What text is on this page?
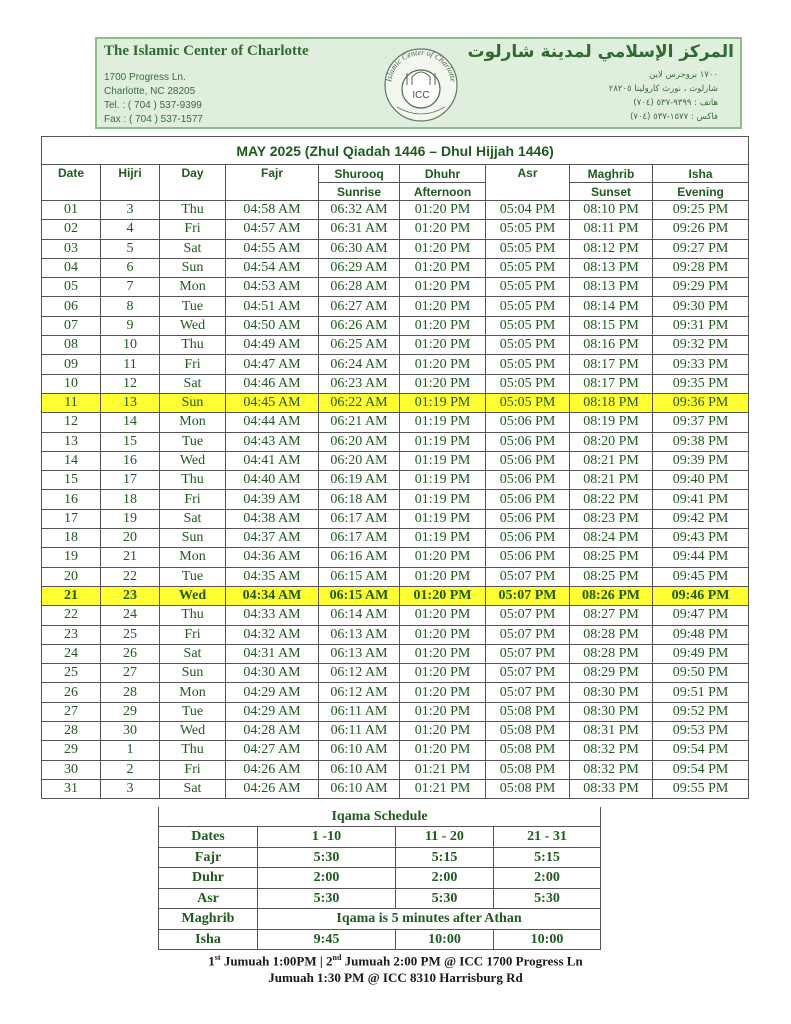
The Islamic Center of Charlotte
1700 Progress Ln.
Charlotte, NC 28205
Tel. : ( 704 ) 537-9399
Fax : ( 704 ) 537-1577
Islamic Center of Charlotte
ICC
المركز الإسلامي لمدينة شارلوت
١٧٠٠ بروجرس لاين
شارلوت ، نورث كارولينا ٢٨٢٠٥
هاتف : ٩٣٩٩-٥٣٧ (٧٠٤)
فاكس : ١٥٧٧-٥٣٧ (٧٠٤)
MAY 2025 (Zhul Qiadah 1446 – Dhul Hijjah 1446)								
Date	Hijri	Day	Fajr	Shurooq	Dhuhr	Asr	Maghrib	Isha
				Sunrise	Afternoon		Sunset	Evening
01	3	Thu	04:58 AM	06:32 AM	01:20 PM	05:04 PM	08:10 PM	09:25 PM
02	4	Fri	04:57 AM	06:31 AM	01:20 PM	05:05 PM	08:11 PM	09:26 PM
03	5	Sat	04:55 AM	06:30 AM	01:20 PM	05:05 PM	08:12 PM	09:27 PM
04	6	Sun	04:54 AM	06:29 AM	01:20 PM	05:05 PM	08:13 PM	09:28 PM
05	7	Mon	04:53 AM	06:28 AM	01:20 PM	05:05 PM	08:13 PM	09:29 PM
06	8	Tue	04:51 AM	06:27 AM	01:20 PM	05:05 PM	08:14 PM	09:30 PM
07	9	Wed	04:50 AM	06:26 AM	01:20 PM	05:05 PM	08:15 PM	09:31 PM
08	10	Thu	04:49 AM	06:25 AM	01:20 PM	05:05 PM	08:16 PM	09:32 PM
09	11	Fri	04:47 AM	06:24 AM	01:20 PM	05:05 PM	08:17 PM	09:33 PM
10	12	Sat	04:46 AM	06:23 AM	01:20 PM	05:05 PM	08:17 PM	09:35 PM
11	13	Sun	04:45 AM	06:22 AM	01:19 PM	05:05 PM	08:18 PM	09:36 PM
12	14	Mon	04:44 AM	06:21 AM	01:19 PM	05:06 PM	08:19 PM	09:37 PM
13	15	Tue	04:43 AM	06:20 AM	01:19 PM	05:06 PM	08:20 PM	09:38 PM
14	16	Wed	04:41 AM	06:20 AM	01:19 PM	05:06 PM	08:21 PM	09:39 PM
15	17	Thu	04:40 AM	06:19 AM	01:19 PM	05:06 PM	08:21 PM	09:40 PM
16	18	Fri	04:39 AM	06:18 AM	01:19 PM	05:06 PM	08:22 PM	09:41 PM
17	19	Sat	04:38 AM	06:17 AM	01:19 PM	05:06 PM	08:23 PM	09:42 PM
18	20	Sun	04:37 AM	06:17 AM	01:19 PM	05:06 PM	08:24 PM	09:43 PM
19	21	Mon	04:36 AM	06:16 AM	01:20 PM	05:06 PM	08:25 PM	09:44 PM
20	22	Tue	04:35 AM	06:15 AM	01:20 PM	05:07 PM	08:25 PM	09:45 PM
21	23	Wed	04:34 AM	06:15 AM	01:20 PM	05:07 PM	08:26 PM	09:46 PM
22	24	Thu	04:33 AM	06:14 AM	01:20 PM	05:07 PM	08:27 PM	09:47 PM
23	25	Fri	04:32 AM	06:13 AM	01:20 PM	05:07 PM	08:28 PM	09:48 PM
24	26	Sat	04:31 AM	06:13 AM	01:20 PM	05:07 PM	08:28 PM	09:49 PM
25	27	Sun	04:30 AM	06:12 AM	01:20 PM	05:07 PM	08:29 PM	09:50 PM
26	28	Mon	04:29 AM	06:12 AM	01:20 PM	05:07 PM	08:30 PM	09:51 PM
27	29	Tue	04:29 AM	06:11 AM	01:20 PM	05:08 PM	08:30 PM	09:52 PM
28	30	Wed	04:28 AM	06:11 AM	01:20 PM	05:08 PM	08:31 PM	09:53 PM
29	1	Thu	04:27 AM	06:10 AM	01:20 PM	05:08 PM	08:32 PM	09:54 PM
30	2	Fri	04:26 AM	06:10 AM	01:21 PM	05:08 PM	08:32 PM	09:54 PM
31	3	Sat	04:26 AM	06:10 AM	01:21 PM	05:08 PM	08:33 PM	09:55 PM
Iqama Schedule			
Dates	1 -10	11 - 20	21 - 31
Fajr	5:30	5:15	5:15
Duhr	2:00	2:00	2:00
Asr	5:30	5:30	5:30
Maghrib	Iqama is 5 minutes after Athan		
Isha	9:45	10:00	10:00
1st Jumuah 1:00PM | 2nd Jumuah 2:00 PM @ ICC 1700 Progress Ln
Jumuah 1:30 PM @ ICC 8310 Harrisburg Rd
